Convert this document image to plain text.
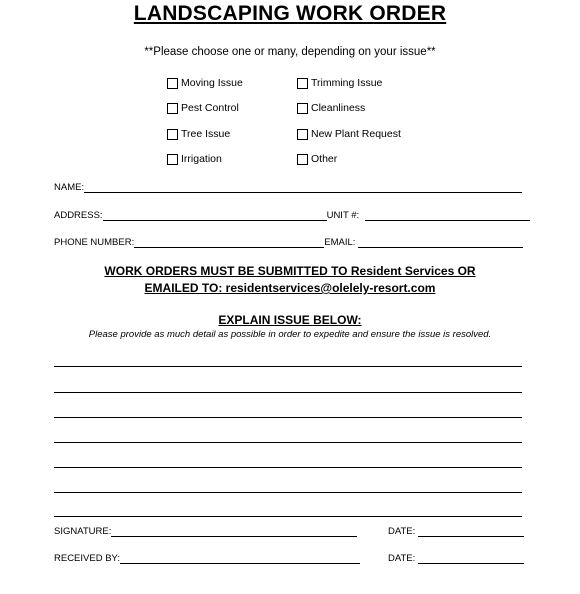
LANDSCAPING WORK ORDER
**Please choose one or many, depending on your issue**
Moving Issue
Pest Control
Tree Issue
Irrigation
Trimming Issue
Cleanliness
New Plant Request
Other
NAME:
ADDRESS:	UNIT #:
PHONE NUMBER:	EMAIL:
WORK ORDERS MUST BE SUBMITTED TO Resident Services OR
EMAILED TO: residentservices@olelely-resort.com
EXPLAIN ISSUE BELOW:
Please provide as much detail as possible in order to expedite and ensure the issue is resolved.
SIGNATURE:	DATE:
RECEIVED BY:	DATE:
